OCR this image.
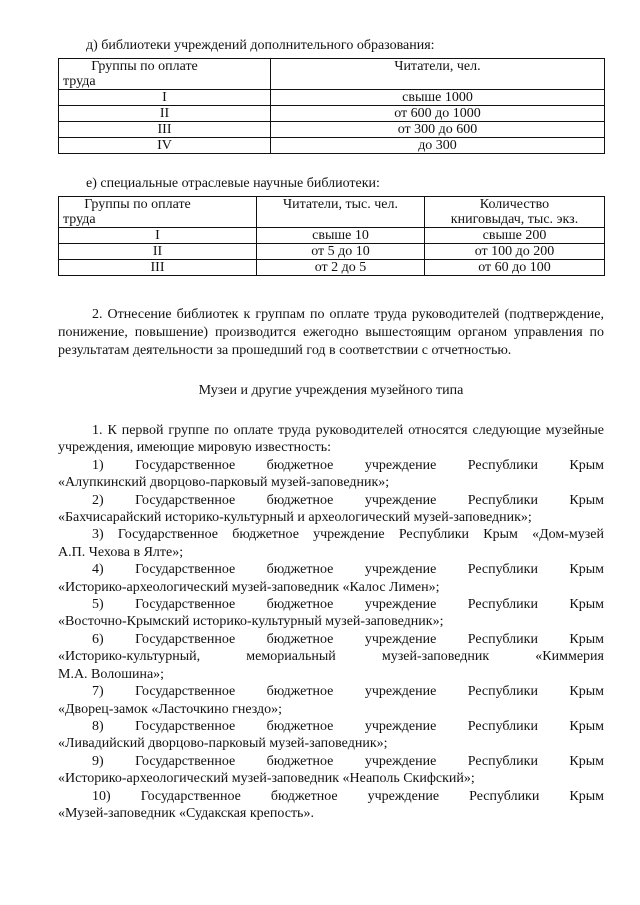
д) библиотеки учреждений дополнительного образования:
Группы по оплате
труда	Читатели, чел.
I	свыше 1000
II	от 600 до 1000
III	от 300 до 600
IV	до 300
е) специальные отраслевые научные библиотеки:
Группы по оплате
труда	Читатели, тыс. чел.	Количество
книговыдач, тыс. экз.

I	свыше 10	свыше 200
II	от 5 до 10	от 100 до 200
III	от 2 до 5	от 60 до 100

2. Отнесение библиотек к группам по оплате труда руководителей (подтверждение, понижение, повышение) производится ежегодно вышестоящим органом управления по результатам деятельности за прошедший год в соответствии с отчетностью.

Музеи и другие учреждения музейного типа

1. К первой группе по оплате труда руководителей относятся следующие музейные учреждения, имеющие мировую известность:

1) Государственное бюджетное учреждение Республики Крым

«Алупкинский дворцово-парковый музей-заповедник»;

2) Государственное бюджетное учреждение Республики Крым

«Бахчисарайский историко-культурный и археологический музей-заповедник»;

3) Государственное бюджетное учреждение Республики Крым «Дом-музей

А.П. Чехова в Ялте»;

4) Государственное бюджетное учреждение Республики Крым

«Историко-археологический музей-заповедник «Калос Лимен»;

5) Государственное бюджетное учреждение Республики Крым

«Восточно-Крымский историко-культурный музей-заповедник»;

6) Государственное бюджетное учреждение Республики Крым

«Историко-культурный, мемориальный музей-заповедник «Киммерия

М.А. Волошина»;

7) Государственное бюджетное учреждение Республики Крым

«Дворец-замок «Ласточкино гнездо»;

8) Государственное бюджетное учреждение Республики Крым

«Ливадийский дворцово-парковый музей-заповедник»;

9) Государственное бюджетное учреждение Республики Крым

«Историко-археологический музей-заповедник «Неаполь Скифский»;

10) Государственное бюджетное учреждение Республики Крым

«Музей-заповедник «Судакская крепость».
